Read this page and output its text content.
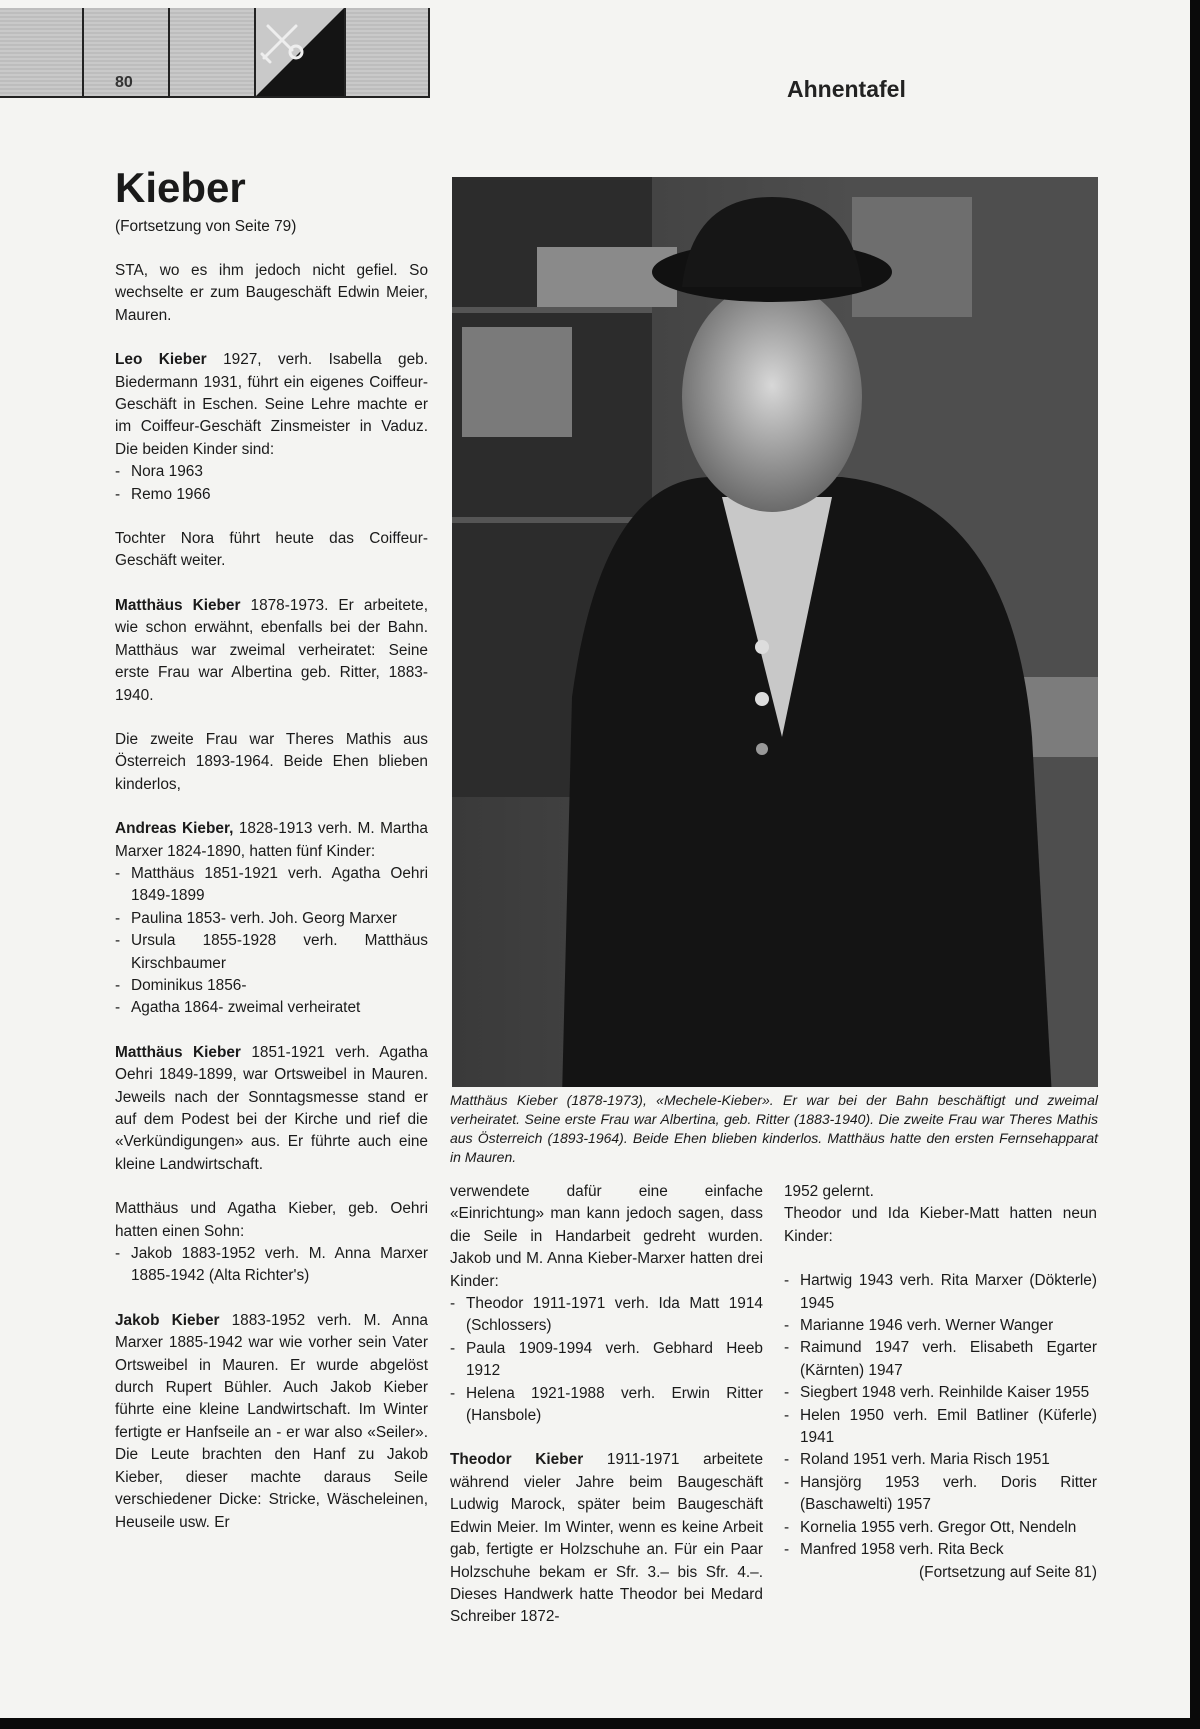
80	Ahnentafel
Kieber
(Fortsetzung von Seite 79)

STA, wo es ihm jedoch nicht gefiel. So wechselte er zum Baugeschäft Edwin Meier, Mauren.

Leo Kieber 1927, verh. Isabella geb. Biedermann 1931, führt ein eigenes Coiffeur-Geschäft in Eschen. Seine Lehre machte er im Coiffeur-Geschäft Zinsmeister in Vaduz. Die beiden Kinder sind:

- Nora 1963
- Remo 1966

Tochter Nora führt heute das Coiffeur-Geschäft weiter.

Matthäus Kieber 1878-1973. Er arbeitete, wie schon erwähnt, ebenfalls bei der Bahn. Matthäus war zweimal verheiratet: Seine erste Frau war Albertina geb. Ritter, 1883-1940.

Die zweite Frau war Theres Mathis aus Österreich 1893-1964. Beide Ehen blieben kinderlos,

Andreas Kieber, 1828-1913 verh. M. Martha Marxer 1824-1890, hatten fünf Kinder:

- Matthäus 1851-1921 verh. Agatha Oehri 1849-1899
- Paulina 1853- verh. Joh. Georg Marxer
- Ursula 1855-1928 verh. Matthäus Kirschbaumer
- Dominikus 1856-
- Agatha 1864- zweimal verheiratet

Matthäus Kieber 1851-1921 verh. Agatha Oehri 1849-1899, war Ortsweibel in Mauren. Jeweils nach der Sonntagsmesse stand er auf dem Podest bei der Kirche und rief die «Verkündigungen» aus. Er führte auch eine kleine Landwirtschaft.

Matthäus und Agatha Kieber, geb. Oehri hatten einen Sohn:

- Jakob 1883-1952 verh. M. Anna Marxer 1885-1942 (Alta Richter's)

Jakob Kieber 1883-1952 verh. M. Anna Marxer 1885-1942 war wie vorher sein Vater Ortsweibel in Mauren. Er wurde abgelöst durch Rupert Bühler. Auch Jakob Kieber führte eine kleine Landwirtschaft. Im Winter fertigte er Hanfseile an - er war also «Seiler». Die Leute brachten den Hanf zu Jakob Kieber, dieser machte daraus Seile verschiedener Dicke: Stricke, Wäscheleinen, Heuseile usw. Er

Matthäus Kieber (1878-1973), «Mechele-Kieber». Er war bei der Bahn beschäftigt und zweimal verheiratet. Seine erste Frau war Albertina, geb. Ritter (1883-1940). Die zweite Frau war Theres Mathis aus Österreich (1893-1964). Beide Ehen blieben kinderlos. Matthäus hatte den ersten Fernsehapparat in Mauren.

verwendete dafür eine einfache «Einrichtung» man kann jedoch sagen, dass die Seile in Handarbeit gedreht wurden. Jakob und M. Anna Kieber-Marxer hatten drei Kinder:

- Theodor 1911-1971 verh. Ida Matt 1914 (Schlossers)
- Paula 1909-1994 verh. Gebhard Heeb 1912
- Helena 1921-1988 verh. Erwin Ritter (Hansbole)

Theodor Kieber 1911-1971 arbeitete während vieler Jahre beim Baugeschäft Ludwig Marock, später beim Baugeschäft Edwin Meier. Im Winter, wenn es keine Arbeit gab, fertigte er Holzschuhe an. Für ein Paar Holzschuhe bekam er Sfr. 3.– bis Sfr. 4.–. Dieses Handwerk hatte Theodor bei Medard Schreiber 1872-

1952 gelernt.

Theodor und Ida Kieber-Matt hatten neun Kinder:

- Hartwig 1943 verh. Rita Marxer (Dökterle) 1945
- Marianne 1946 verh. Werner Wanger
- Raimund 1947 verh. Elisabeth Egarter (Kärnten) 1947
- Siegbert 1948 verh. Reinhilde Kaiser 1955
- Helen 1950 verh. Emil Batliner (Küferle) 1941
- Roland 1951 verh. Maria Risch 1951
- Hansjörg 1953 verh. Doris Ritter (Baschawelti) 1957
- Kornelia 1955 verh. Gregor Ott, Nendeln
- Manfred 1958 verh. Rita Beck
(Fortsetzung auf Seite 81)
